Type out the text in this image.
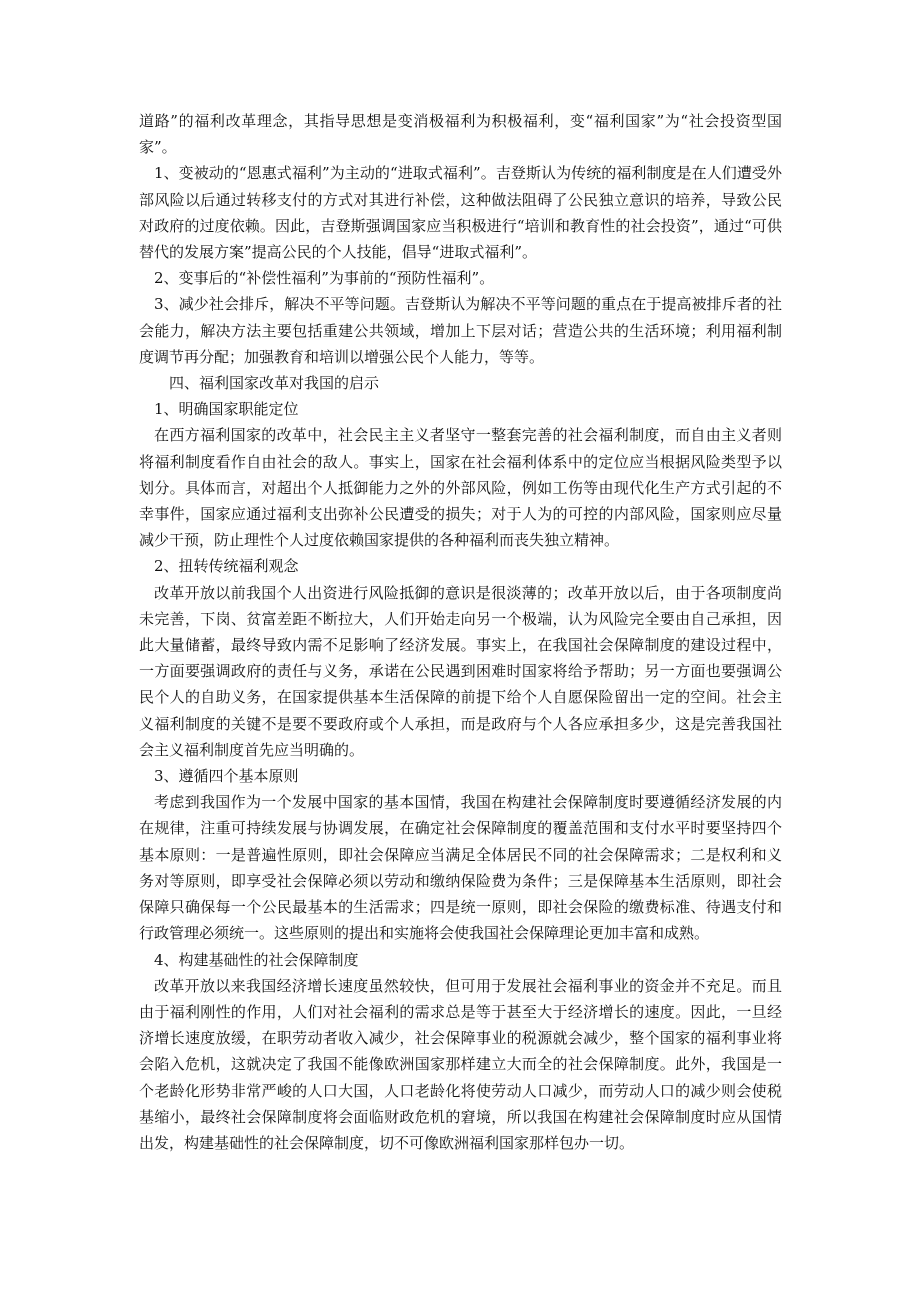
道路”的福利改革理念，其指导思想是变消极福利为积极福利，变“福利国家”为“社会投资型国家”。

1、变被动的“恩惠式福利”为主动的“进取式福利”。吉登斯认为传统的福利制度是在人们遭受外部风险以后通过转移支付的方式对其进行补偿，这种做法阻碍了公民独立意识的培养，导致公民对政府的过度依赖。因此，吉登斯强调国家应当积极进行“培训和教育性的社会投资”，通过“可供替代的发展方案”提高公民的个人技能，倡导“进取式福利”。

2、变事后的“补偿性福利”为事前的“预防性福利”。

3、减少社会排斥，解决不平等问题。吉登斯认为解决不平等问题的重点在于提高被排斥者的社会能力，解决方法主要包括重建公共领域，增加上下层对话；营造公共的生活环境；利用福利制度调节再分配；加强教育和培训以增强公民个人能力，等等。

四、福利国家改革对我国的启示

1、明确国家职能定位

在西方福利国家的改革中，社会民主主义者坚守一整套完善的社会福利制度，而自由主义者则将福利制度看作自由社会的敌人。事实上，国家在社会福利体系中的定位应当根据风险类型予以划分。具体而言，对超出个人抵御能力之外的外部风险，例如工伤等由现代化生产方式引起的不幸事件，国家应通过福利支出弥补公民遭受的损失；对于人为的可控的内部风险，国家则应尽量减少干预，防止理性个人过度依赖国家提供的各种福利而丧失独立精神。

2、扭转传统福利观念

改革开放以前我国个人出资进行风险抵御的意识是很淡薄的；改革开放以后，由于各项制度尚未完善，下岗、贫富差距不断拉大，人们开始走向另一个极端，认为风险完全要由自己承担，因此大量储蓄，最终导致内需不足影响了经济发展。事实上，在我国社会保障制度的建设过程中，一方面要强调政府的责任与义务，承诺在公民遇到困难时国家将给予帮助；另一方面也要强调公民个人的自助义务，在国家提供基本生活保障的前提下给个人自愿保险留出一定的空间。社会主义福利制度的关键不是要不要政府或个人承担，而是政府与个人各应承担多少，这是完善我国社会主义福利制度首先应当明确的。

3、遵循四个基本原则

考虑到我国作为一个发展中国家的基本国情，我国在构建社会保障制度时要遵循经济发展的内在规律，注重可持续发展与协调发展，在确定社会保障制度的覆盖范围和支付水平时要坚持四个基本原则：一是普遍性原则，即社会保障应当满足全体居民不同的社会保障需求；二是权利和义务对等原则，即享受社会保障必须以劳动和缴纳保险费为条件；三是保障基本生活原则，即社会保障只确保每一个公民最基本的生活需求；四是统一原则，即社会保险的缴费标准、待遇支付和行政管理必须统一。这些原则的提出和实施将会使我国社会保障理论更加丰富和成熟。

4、构建基础性的社会保障制度

改革开放以来我国经济增长速度虽然较快，但可用于发展社会福利事业的资金并不充足。而且由于福利刚性的作用，人们对社会福利的需求总是等于甚至大于经济增长的速度。因此，一旦经济增长速度放缓，在职劳动者收入减少，社会保障事业的税源就会减少，整个国家的福利事业将会陷入危机，这就决定了我国不能像欧洲国家那样建立大而全的社会保障制度。此外，我国是一个老龄化形势非常严峻的人口大国，人口老龄化将使劳动人口减少，而劳动人口的减少则会使税基缩小，最终社会保障制度将会面临财政危机的窘境，所以我国在构建社会保障制度时应从国情出发，构建基础性的社会保障制度，切不可像欧洲福利国家那样包办一切。
